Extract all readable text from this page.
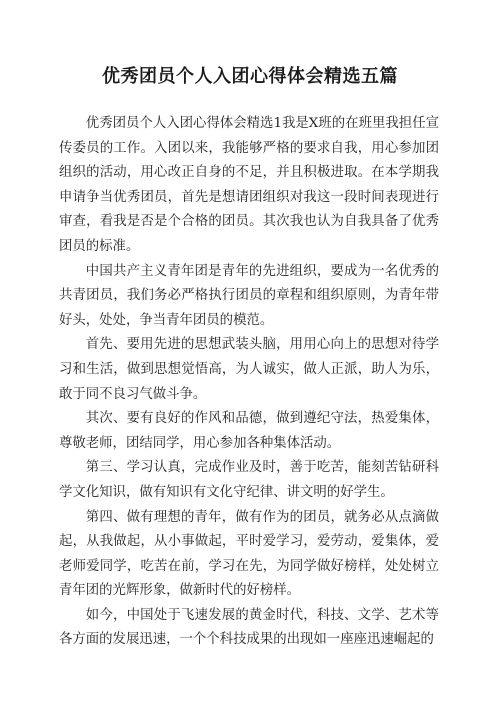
优秀团员个人入团心得体会精选五篇

优秀团员个人入团心得体会精选1我是X班的在班里我担任宣传委员的工作。入团以来，我能够严格的要求自我，用心参加团组织的活动，用心改正自身的不足，并且积极进取。在本学期我申请争当优秀团员，首先是想请团组织对我这一段时间表现进行审查，看我是否是个合格的团员。其次我也认为自我具备了优秀团员的标准。

中国共产主义青年团是青年的先进组织，要成为一名优秀的共青团员，我们务必严格执行团员的章程和组织原则，为青年带好头，处处，争当青年团员的模范。

首先、要用先进的思想武装头脑，用用心向上的思想对待学习和生活，做到思想觉悟高，为人诚实，做人正派，助人为乐，敢于同不良习气做斗争。

其次、要有良好的作风和品德，做到遵纪守法，热爱集体，尊敬老师，团结同学，用心参加各种集体活动。

第三、学习认真，完成作业及时，善于吃苦，能刻苦钻研科学文化知识，做有知识有文化守纪律、讲文明的好学生。

第四、做有理想的青年，做有作为的团员，就务必从点滴做起，从我做起，从小事做起，平时爱学习，爱劳动，爱集体，爱老师爱同学，吃苦在前，学习在先，为同学做好榜样，处处树立青年团的光辉形象，做新时代的好榜样。

如今，中国处于飞速发展的黄金时代，科技、文学、艺术等各方面的发展迅速，一个个科技成果的出现如一座座迅速崛起的
